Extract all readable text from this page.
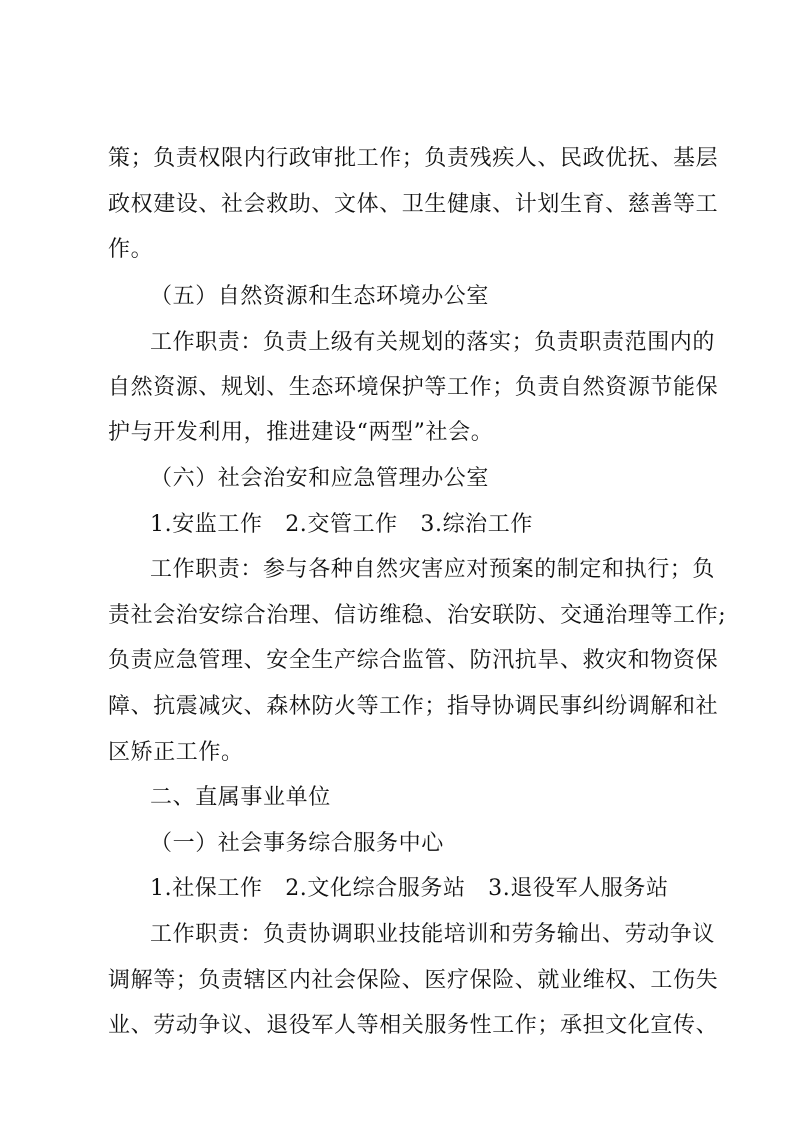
策；负责权限内行政审批工作；负责残疾人、民政优抚、基层
政权建设、社会救助、文体、卫生健康、计划生育、慈善等工
作。
（五）自然资源和生态环境办公室
工作职责：负责上级有关规划的落实；负责职责范围内的
自然资源、规划、生态环境保护等工作；负责自然资源节能保
护与开发利用，推进建设“两型”社会。
（六）社会治安和应急管理办公室
1.安监工作　2.交管工作　3.综治工作
工作职责：参与各种自然灾害应对预案的制定和执行；负
责社会治安综合治理、信访维稳、治安联防、交通治理等工作;
负责应急管理、安全生产综合监管、防汛抗旱、救灾和物资保
障、抗震减灾、森林防火等工作；指导协调民事纠纷调解和社
区矫正工作。
二、直属事业单位
（一）社会事务综合服务中心
1.社保工作　2.文化综合服务站　3.退役军人服务站
工作职责：负责协调职业技能培训和劳务输出、劳动争议
调解等；负责辖区内社会保险、医疗保险、就业维权、工伤失
业、劳动争议、退役军人等相关服务性工作；承担文化宣传、
